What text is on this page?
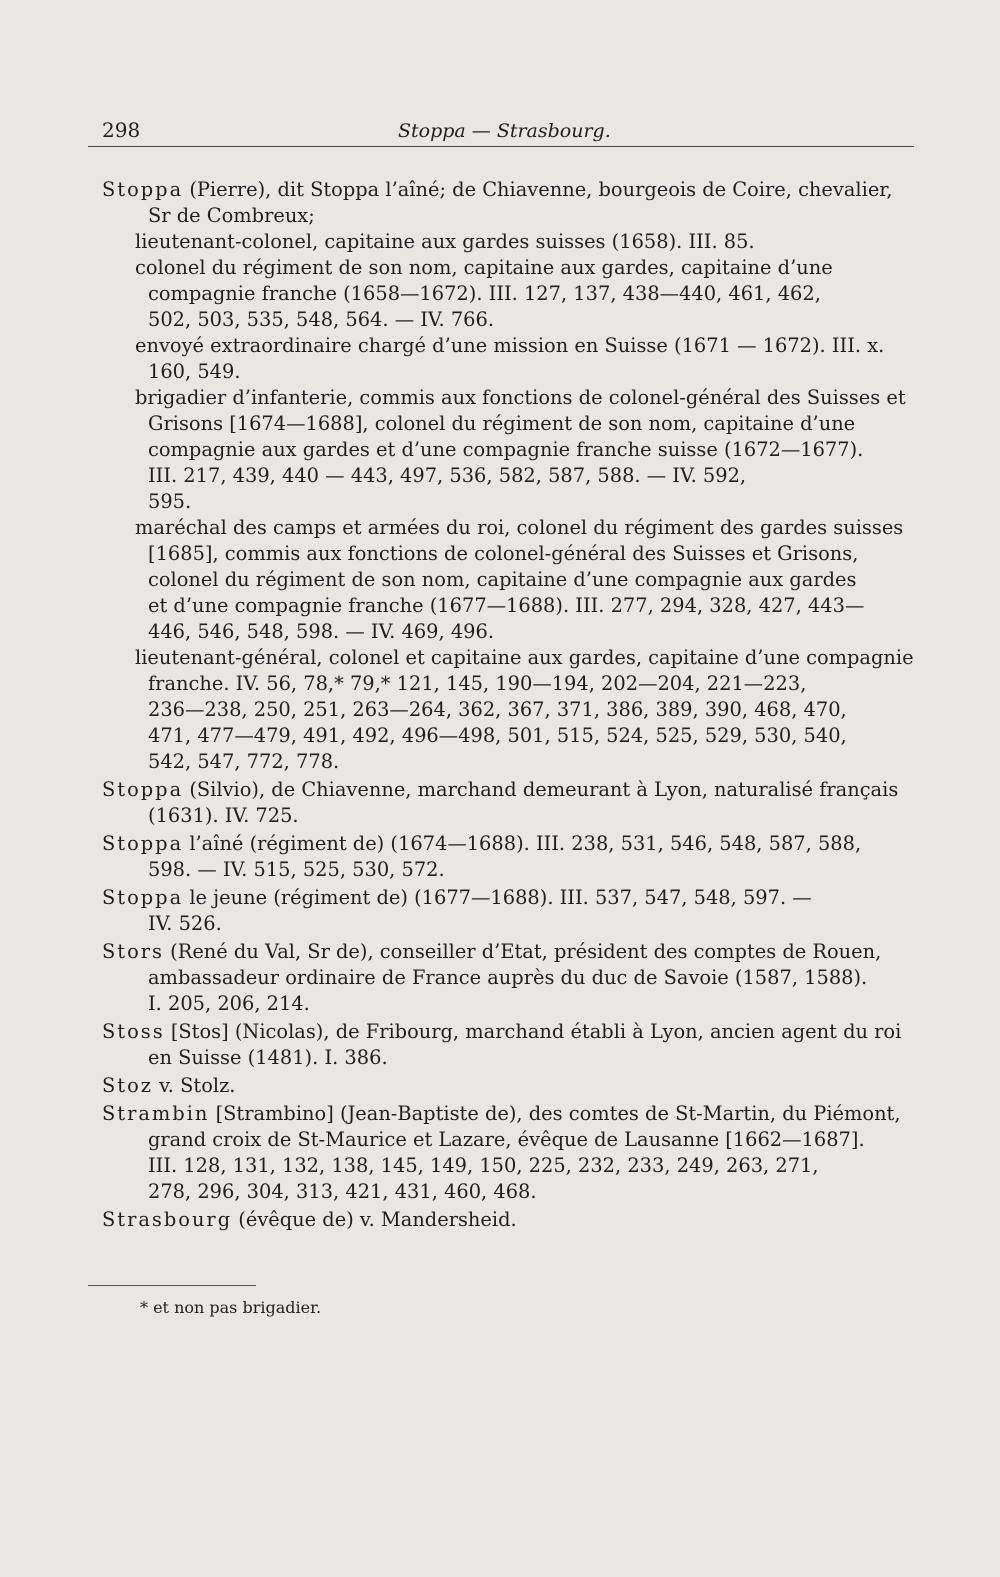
298	Stoppa — Strasbourg.
Stoppa (Pierre), dit Stoppa l’aîné; de Chiavenne, bourgeois de Coire, chevalier,
Sr de Combreux;
lieutenant-colonel, capitaine aux gardes suisses (1658). III. 85.
colonel du régiment de son nom, capitaine aux gardes, capitaine d’une
compagnie franche (1658—1672). III. 127, 137, 438—440, 461, 462,
502, 503, 535, 548, 564. — IV. 766.
envoyé extraordinaire chargé d’une mission en Suisse (1671 — 1672). III. x.
160, 549.
brigadier d’infanterie, commis aux fonctions de colonel-général des Suisses et
Grisons [1674—1688], colonel du régiment de son nom, capitaine d’une
compagnie aux gardes et d’une compagnie franche suisse (1672—1677).
III. 217, 439, 440 — 443, 497, 536, 582, 587, 588. — IV. 592,
595.
maréchal des camps et armées du roi, colonel du régiment des gardes suisses
[1685], commis aux fonctions de colonel-général des Suisses et Grisons,
colonel du régiment de son nom, capitaine d’une compagnie aux gardes
et d’une compagnie franche (1677—1688). III. 277, 294, 328, 427, 443—
446, 546, 548, 598. — IV. 469, 496.
lieutenant-général, colonel et capitaine aux gardes, capitaine d’une compagnie
franche. IV. 56, 78,* 79,* 121, 145, 190—194, 202—204, 221—223,
236—238, 250, 251, 263—264, 362, 367, 371, 386, 389, 390, 468, 470,
471, 477—479, 491, 492, 496—498, 501, 515, 524, 525, 529, 530, 540,
542, 547, 772, 778.
Stoppa (Silvio), de Chiavenne, marchand demeurant à Lyon, naturalisé français
(1631). IV. 725.
Stoppa l’aîné (régiment de) (1674—1688). III. 238, 531, 546, 548, 587, 588,
598. — IV. 515, 525, 530, 572.
Stoppa le jeune (régiment de) (1677—1688). III. 537, 547, 548, 597. —
IV. 526.
Stors (René du Val, Sr de), conseiller d’Etat, président des comptes de Rouen,
ambassadeur ordinaire de France auprès du duc de Savoie (1587, 1588).
I. 205, 206, 214.
Stoss [Stos] (Nicolas), de Fribourg, marchand établi à Lyon, ancien agent du roi
en Suisse (1481). I. 386.
Stoz v. Stolz.
Strambin [Strambino] (Jean-Baptiste de), des comtes de St-Martin, du Piémont,
grand croix de St-Maurice et Lazare, évêque de Lausanne [1662—1687].
III. 128, 131, 132, 138, 145, 149, 150, 225, 232, 233, 249, 263, 271,
278, 296, 304, 313, 421, 431, 460, 468.
Strasbourg (évêque de) v. Mandersheid.
* et non pas brigadier.
